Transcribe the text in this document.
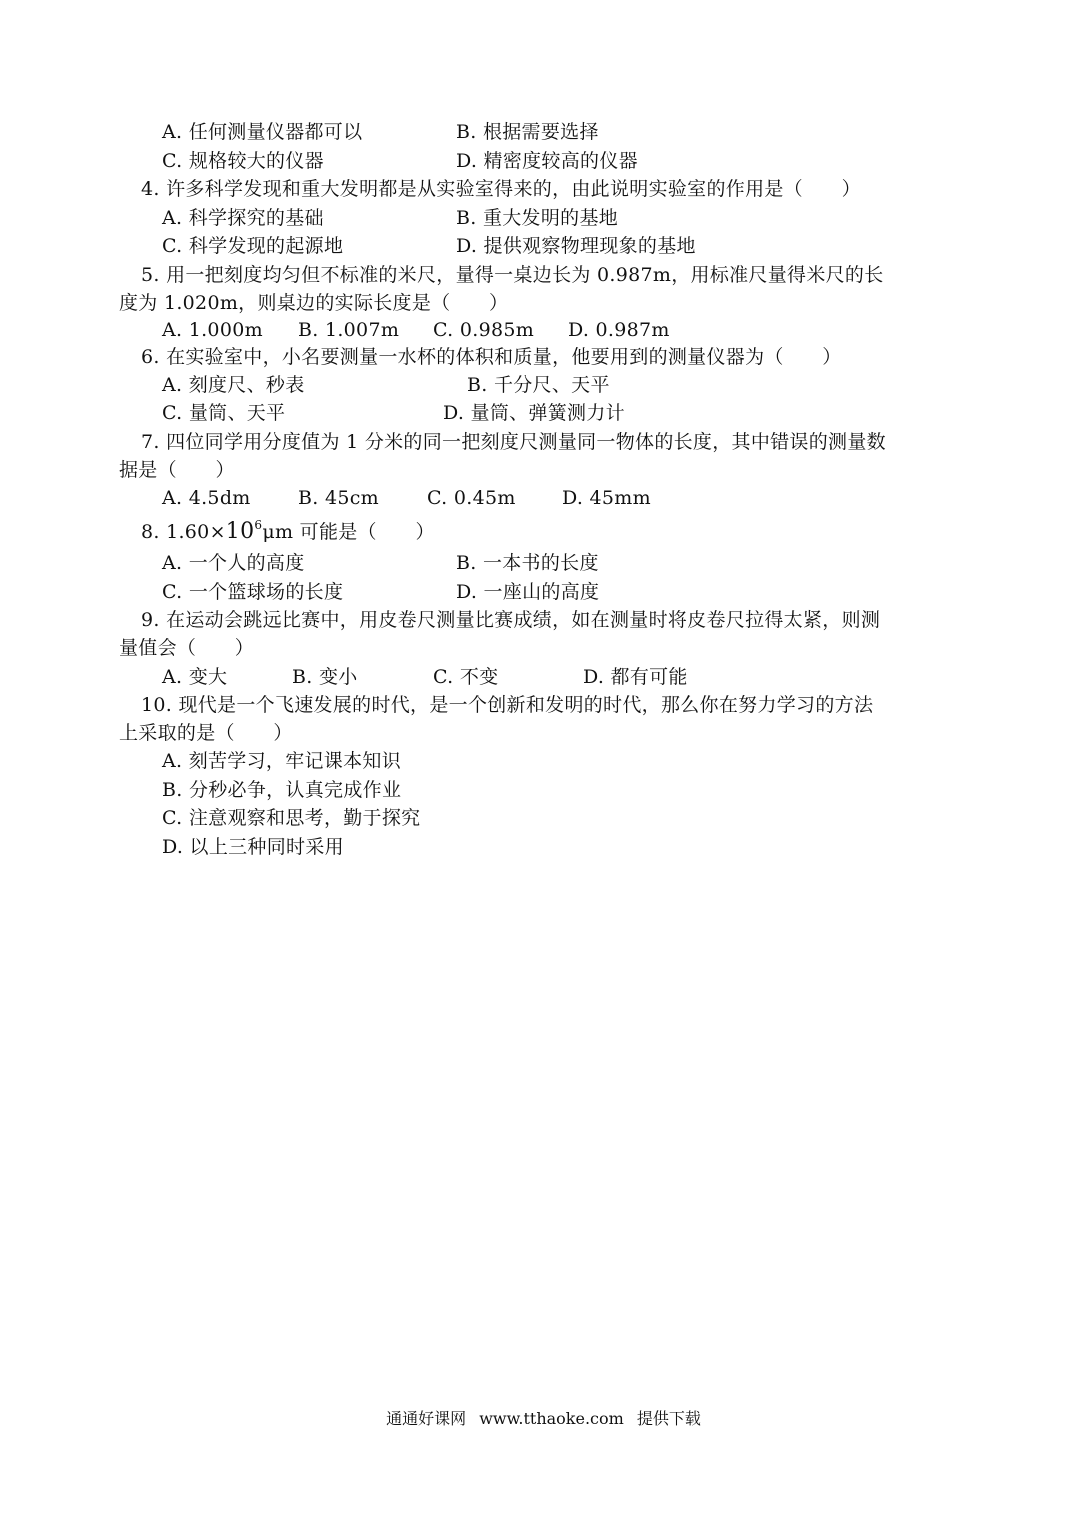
A. 任何测量仪器都可以	B. 根据需要选择
C. 规格较大的仪器	D. 精密度较高的仪器
4. 许多科学发现和重大发明都是从实验室得来的，由此说明实验室的作用是（　　）
A. 科学探究的基础	B. 重大发明的基地
C. 科学发现的起源地	D. 提供观察物理现象的基地
5. 用一把刻度均匀但不标准的米尺，量得一桌边长为 0.987m，用标准尺量得米尺的长
度为 1.020m，则桌边的实际长度是（　　）
A. 1.000m B. 1.007m C. 0.985m D. 0.987m
6. 在实验室中，小名要测量一水杯的体积和质量，他要用到的测量仪器为（　　）
A. 刻度尺、秒表	B. 千分尺、天平
C. 量筒、天平	D. 量筒、弹簧测力计
7. 四位同学用分度值为 1 分米的同一把刻度尺测量同一物体的长度，其中错误的测量数
据是（　　）
A. 4.5dm B. 45cm	C. 0.45m D. 45mm
8. $1.60\times 10^6\mu m$ 可能是（　　）
A. 一个人的高度	B. 一本书的长度
C. 一个篮球场的长度	D. 一座山的高度
9. 在运动会跳远比赛中，用皮卷尺测量比赛成绩，如在测量时将皮卷尺拉得太紧，则测
量值会（　　）
A. 变大	B. 变小	C. 不变	D. 都有可能
10. 现代是一个飞速发展的时代，是一个创新和发明的时代，那么你在努力学习的方法
上采取的是（　　）
A. 刻苦学习，牢记课本知识
B. 分秒必争，认真完成作业
C. 注意观察和思考，勤于探究
D. 以上三种同时采用
通通好课网 www.tthaoke.com 提供下载
